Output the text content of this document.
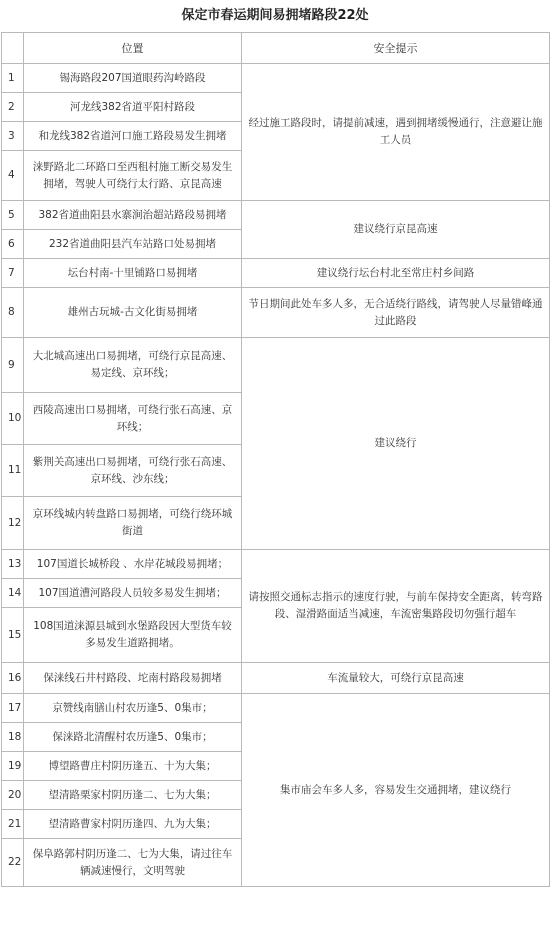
保定市春运期间易拥堵路段22处
	位置	安全提示
1	锡海路段207国道眼药沟岭路段	经过施工路段时，请提前减速，遇到拥堵缓慢通行，注意避让施工人员
2	河龙线382省道平阳村路段	
3	和龙线382省道河口施工路段易发生拥堵	
4	涞野路北二环路口至西租村施工断交易发生拥堵，驾驶人可绕行太行路、京昆高速	
5	382省道曲阳县水寨涧治超站路段易拥堵	建议绕行京昆高速
6	232省道曲阳县汽车站路口处易拥堵	
7	坛台村南-十里铺路口易拥堵	建议绕行坛台村北至常庄村乡间路
8	雄州古玩城-古文化街易拥堵	节日期间此处车多人多，无合适绕行路线，请驾驶人尽量错峰通过此路段
9	大北城高速出口易拥堵，可绕行京昆高速、易定线、京环线；	建议绕行
10	西陵高速出口易拥堵，可绕行张石高速、京环线；	
11	紫荆关高速出口易拥堵，可绕行张石高速、京环线、沙东线；	
12	京环线城内转盘路口易拥堵，可绕行绕环城街道	
13	107国道长城桥段 、水岸花城段易拥堵；	请按照交通标志指示的速度行驶，与前车保持安全距离，转弯路段、湿滑路面适当减速，车流密集路段切勿强行超车
14	107国道漕河路段人员较多易发生拥堵；	
15	108国道涞源县城到水堡路段因大型货车较多易发生道路拥堵。	
16	保涞线石井村路段、坨南村路段易拥堵	车流量较大，可绕行京昆高速
17	京赞线南膳山村农历逢5、0集市；	集市庙会车多人多，容易发生交通拥堵，建议绕行
18	保涞路北清醒村农历逢5、0集市；	
19	博望路曹庄村阴历逢五、十为大集；	
20	望清路栗家村阴历逢二、七为大集；	
21	望清路曹家村阴历逢四、九为大集；	
22	保阜路郭村阴历逢二、七为大集，请过往车辆减速慢行，文明驾驶	
